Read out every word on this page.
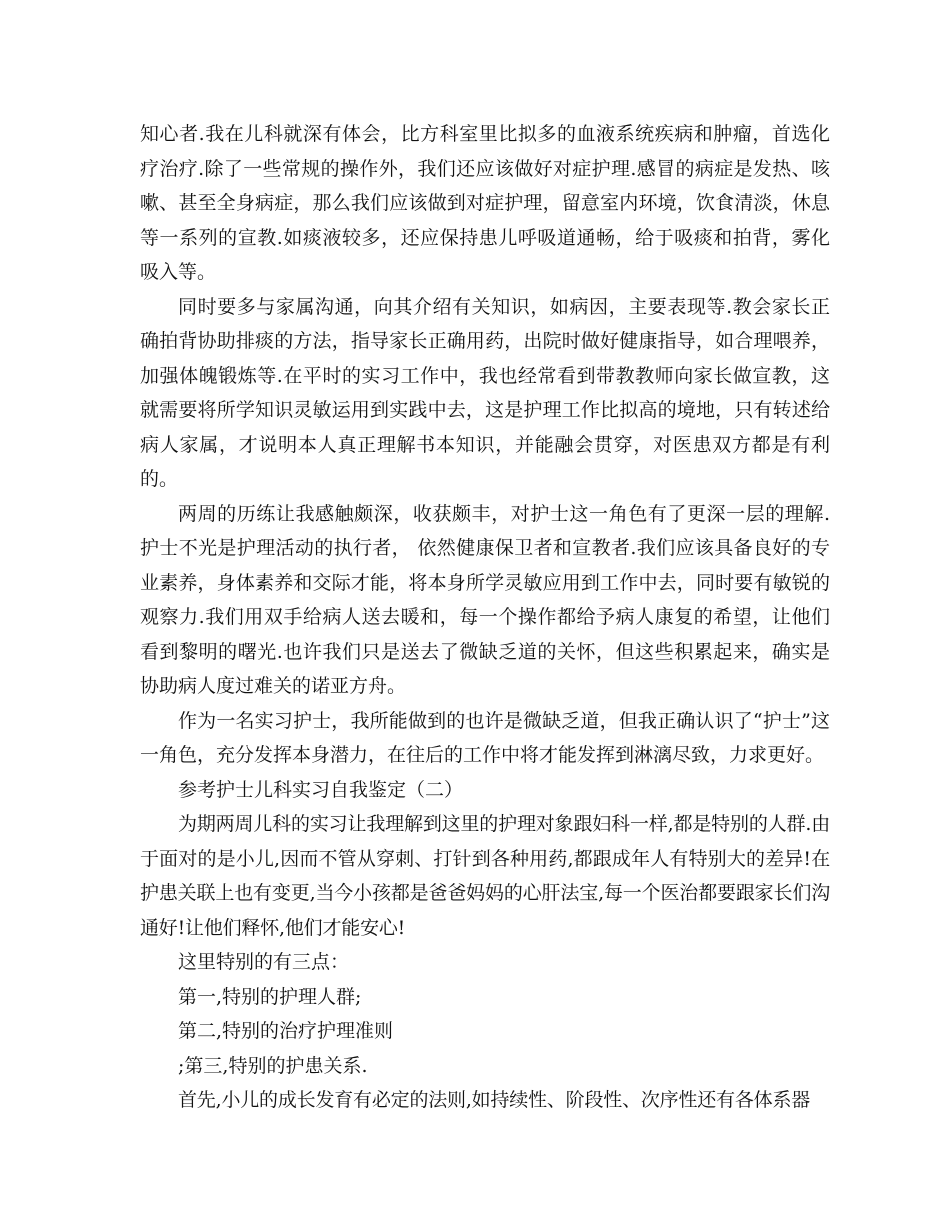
知心者.我在儿科就深有体会，比方科室里比拟多的血液系统疾病和肿瘤，首选化疗治疗.除了一些常规的操作外，我们还应该做好对症护理.感冒的病症是发热、咳嗽、甚至全身病症，那么我们应该做到对症护理，留意室内环境，饮食清淡，休息等一系列的宣教.如痰液较多，还应保持患儿呼吸道通畅，给于吸痰和拍背，雾化吸入等。

同时要多与家属沟通，向其介绍有关知识，如病因，主要表现等.教会家长正确拍背协助排痰的方法，指导家长正确用药，出院时做好健康指导，如合理喂养，加强体魄锻炼等.在平时的实习工作中，我也经常看到带教教师向家长做宣教，这就需要将所学知识灵敏运用到实践中去，这是护理工作比拟高的境地，只有转述给病人家属，才说明本人真正理解书本知识，并能融会贯穿，对医患双方都是有利的。

两周的历练让我感触颇深，收获颇丰，对护士这一角色有了更深一层的理解.护士不光是护理活动的执行者， 依然健康保卫者和宣教者.我们应该具备良好的专业素养，身体素养和交际才能，将本身所学灵敏应用到工作中去，同时要有敏锐的观察力.我们用双手给病人送去暖和，每一个操作都给予病人康复的希望，让他们看到黎明的曙光.也许我们只是送去了微缺乏道的关怀，但这些积累起来，确实是协助病人度过难关的诺亚方舟。

作为一名实习护士，我所能做到的也许是微缺乏道，但我正确认识了“护士”这一角色，充分发挥本身潜力，在往后的工作中将才能发挥到淋漓尽致，力求更好。

参考护士儿科实习自我鉴定（二）

为期两周儿科的实习让我理解到这里的护理对象跟妇科一样,都是特别的人群.由于面对的是小儿,因而不管从穿刺、打针到各种用药,都跟成年人有特别大的差异!在护患关联上也有变更,当今小孩都是爸爸妈妈的心肝法宝,每一个医治都要跟家长们沟通好!让他们释怀,他们才能安心!

这里特别的有三点：

第一,特别的护理人群;

第二,特别的治疗护理准则

;第三,特别的护患关系.

首先,小儿的成长发育有必定的法则,如持续性、阶段性、次序性还有各体系器
